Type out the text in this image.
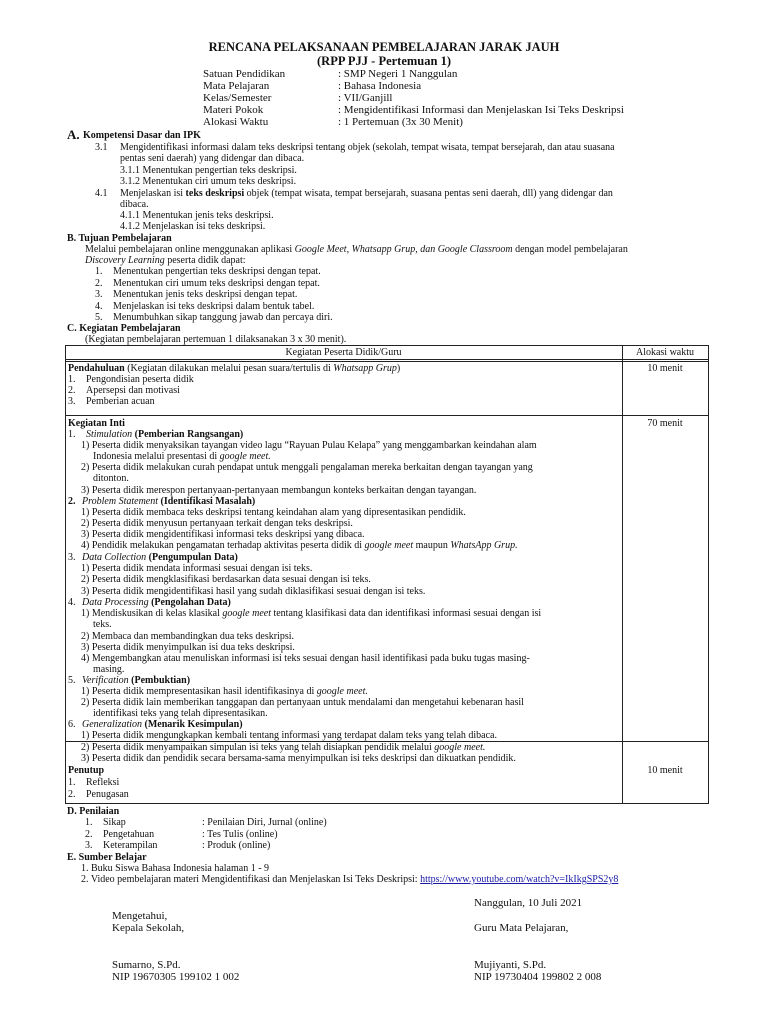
RENCANA PELAKSANAAN PEMBELAJARAN JARAK JAUH
(RPP PJJ - Pertemuan 1)
Satuan Pendidikan	: SMP Negeri 1 Nanggulan
Mata Pelajaran	: Bahasa Indonesia
Kelas/Semester	: VII/Ganjill
Materi Pokok	: Mengidentifikasi Informasi dan Menjelaskan Isi Teks Deskripsi
Alokasi Waktu	: 1 Pertemuan (3x 30 Menit)
A. Kompetensi Dasar dan IPK
3.1 Mengidentifikasi informasi dalam teks deskripsi tentang objek (sekolah, tempat wisata, tempat bersejarah, dan atau suasana
pentas seni daerah) yang didengar dan dibaca.
3.1.1 Menentukan pengertian teks deskripsi.
3.1.2 Menentukan ciri umum teks deskripsi.
4.1 Menjelaskan isi teks deskripsi objek (tempat wisata, tempat bersejarah, suasana pentas seni daerah, dll) yang didengar dan
dibaca.
4.1.1 Menentukan jenis teks deskripsi.
4.1.2 Menjelaskan isi teks deskripsi.
B. Tujuan Pembelajaran
Melalui pembelajaran online menggunakan aplikasi Google Meet, Whatsapp Grup, dan Google Classroom dengan model pembelajaran
Discovery Learning peserta didik dapat:
1. Menentukan pengertian teks deskripsi dengan tepat.
2. Menentukan ciri umum teks deskripsi dengan tepat.
3. Menentukan jenis teks deskripsi dengan tepat.
4. Menjelaskan isi teks deskripsi dalam bentuk tabel.
5. Menumbuhkan sikap tanggung jawab dan percaya diri.
C. Kegiatan Pembelajaran
(Kegiatan pembelajaran pertemuan 1 dilaksanakan 3 x 30 menit).
Kegiatan Peserta Didik/Guru	Alokasi waktu
Pendahuluan (Kegiatan dilakukan melalui pesan suara/tertulis di Whatsapp Grup)
1. Pengondisian peserta didik
2. Apersepsi dan motivasi
3. Pemberian acuan
10 menit
Kegiatan Inti	70 menit
1. Stimulation (Pemberian Rangsangan)
1) Peserta didik menyaksikan tayangan video lagu “Rayuan Pulau Kelapa” yang menggambarkan keindahan alam
Indonesia melalui presentasi di google meet.
2) Peserta didik melakukan curah pendapat untuk menggali pengalaman mereka berkaitan dengan tayangan yang
ditonton.
3) Peserta didik merespon pertanyaan-pertanyaan membangun konteks berkaitan dengan tayangan.
2. Problem Statement (Identifikasi Masalah)
1) Peserta didik membaca teks deskripsi tentang keindahan alam yang dipresentasikan pendidik.
2) Peserta didik menyusun pertanyaan terkait dengan teks deskripsi.
3) Peserta didik mengidentifikasi informasi teks deskripsi yang dibaca.
4) Pendidik melakukan pengamatan terhadap aktivitas peserta didik di google meet maupun WhatsApp Grup.
3. Data Collection (Pengumpulan Data)
1) Peserta didik mendata informasi sesuai dengan isi teks.
2) Peserta didik mengklasifikasi berdasarkan data sesuai dengan isi teks.
3) Peserta didik mengidentifikasi hasil yang sudah diklasifikasi sesuai dengan isi teks.
4. Data Processing (Pengolahan Data)
1) Mendiskusikan di kelas klasikal google meet tentang klasifikasi data dan identifikasi informasi sesuai dengan isi
teks.
2) Membaca dan membandingkan dua teks deskripsi.
3) Peserta didik menyimpulkan isi dua teks deskripsi.
4) Mengembangkan atau menuliskan informasi isi teks sesuai dengan hasil identifikasi pada buku tugas masing-
masing.
5. Verification (Pembuktian)
1) Peserta didik mempresentasikan hasil identifikasinya di google meet.
2) Peserta didik lain memberikan tanggapan dan pertanyaan untuk mendalami dan mengetahui kebenaran hasil
identifikasi teks yang telah dipresentasikan.
6. Generalization (Menarik Kesimpulan)
1) Peserta didik mengungkapkan kembali tentang informasi yang terdapat dalam teks yang telah dibaca.
2) Peserta didik menyampaikan simpulan isi teks yang telah disiapkan pendidik melalui google meet.
3) Peserta didik dan pendidik secara bersama-sama menyimpulkan isi teks deskripsi dan dikuatkan pendidik.
Penutup	10 menit
1. Refleksi
2. Penugasan
D. Penilaian
1. Sikap	: Penilaian Diri, Jurnal (online)
2. Pengetahuan	: Tes Tulis (online)
3. Keterampilan	: Produk (online)
E. Sumber Belajar
1. Buku Siswa Bahasa Indonesia halaman 1 - 9
2. Video pembelajaran materi Mengidentifikasi dan Menjelaskan Isi Teks Deskripsi: https://www.youtube.com/watch?v=IkIkgSPS2y8
Nanggulan, 10 Juli 2021
Mengetahui,
Kepala Sekolah,	Guru Mata Pelajaran,
Sumarno, S.Pd.
NIP 19670305 199102 1 002
Mujiyanti, S.Pd.
NIP 19730404 199802 2 008
